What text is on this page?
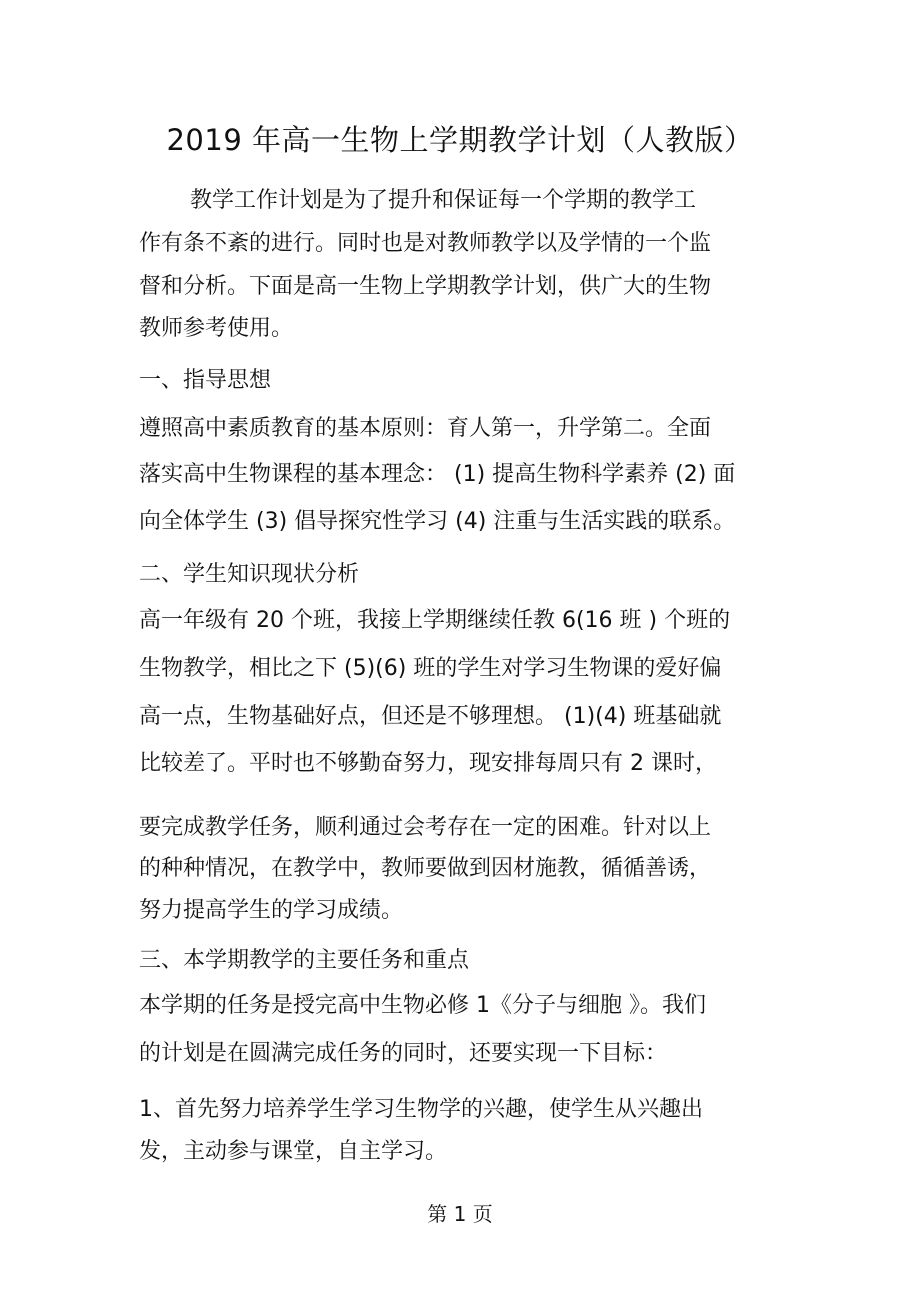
2019 年高一生物上学期教学计划（人教版）
教学工作计划是为了提升和保证每一个学期的教学工
作有条不紊的进行。同时也是对教师教学以及学情的一个监
督和分析。下面是高一生物上学期教学计划，供广大的生物
教师参考使用。
一、指导思想
遵照高中素质教育的基本原则：育人第一，升学第二。全面
落实高中生物课程的基本理念： (1) 提高生物科学素养 (2) 面
向全体学生 (3) 倡导探究性学习 (4) 注重与生活实践的联系。
二、学生知识现状分析
高一年级有 20 个班，我接上学期继续任教 6(16 班 ) 个班的
生物教学，相比之下 (5)(6) 班的学生对学习生物课的爱好偏
高一点，生物基础好点，但还是不够理想。 (1)(4) 班基础就
比较差了。平时也不够勤奋努力，现安排每周只有 2 课时，
要完成教学任务，顺利通过会考存在一定的困难。针对以上
的种种情况，在教学中，教师要做到因材施教，循循善诱，
努力提高学生的学习成绩。
三、本学期教学的主要任务和重点
本学期的任务是授完高中生物必修 1《分子与细胞 》。我们
的计划是在圆满完成任务的同时，还要实现一下目标：
1、首先努力培养学生学习生物学的兴趣，使学生从兴趣出
发，主动参与课堂，自主学习。
第 1 页
